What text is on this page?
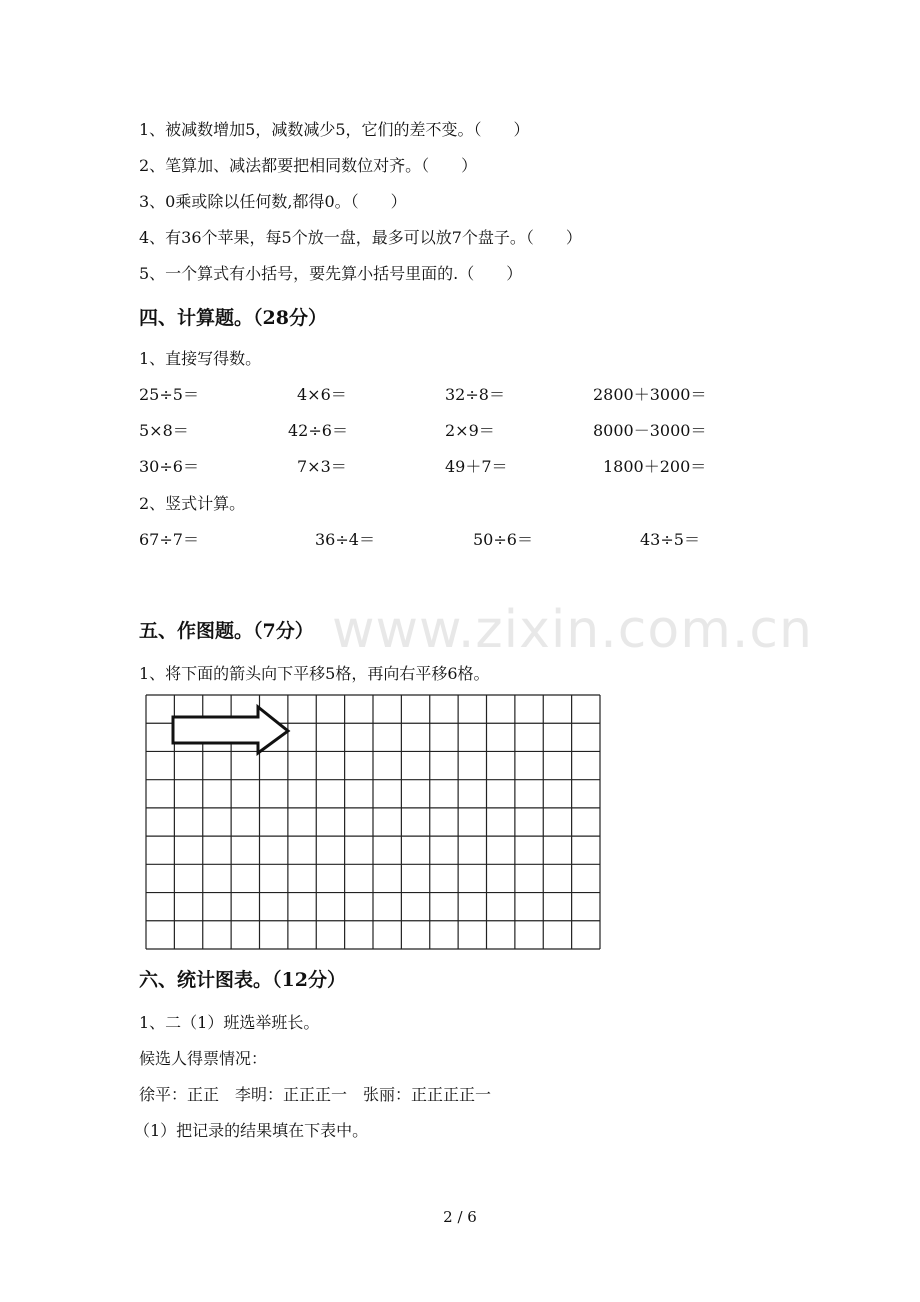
1、被减数增加5，减数减少5，它们的差不变。（　　）
2、笔算加、减法都要把相同数位对齐。（　　）
3、0乘或除以任何数,都得0。（　　）
4、有36个苹果，每5个放一盘，最多可以放7个盘子。（　　）
5、一个算式有小括号，要先算小括号里面的.（　　）
四、计算题。（28分）
1、直接写得数。
25÷5＝	4×6＝	32÷8＝	2800＋3000＝
5×8＝	42÷6＝	2×9＝	8000－3000＝
30÷6＝	7×3＝	49＋7＝	1800＋200＝
2、竖式计算。
67÷7＝	36÷4＝	50÷6＝	43÷5＝
www.zixin.com.cn
五、作图题。（7分）
1、将下面的箭头向下平移5格，再向右平移6格。
六、统计图表。（12分）
1、二（1）班选举班长。
候选人得票情况：
徐平：正正　李明：正正正一　张丽：正正正正一
（1）把记录的结果填在下表中。
2 / 6
